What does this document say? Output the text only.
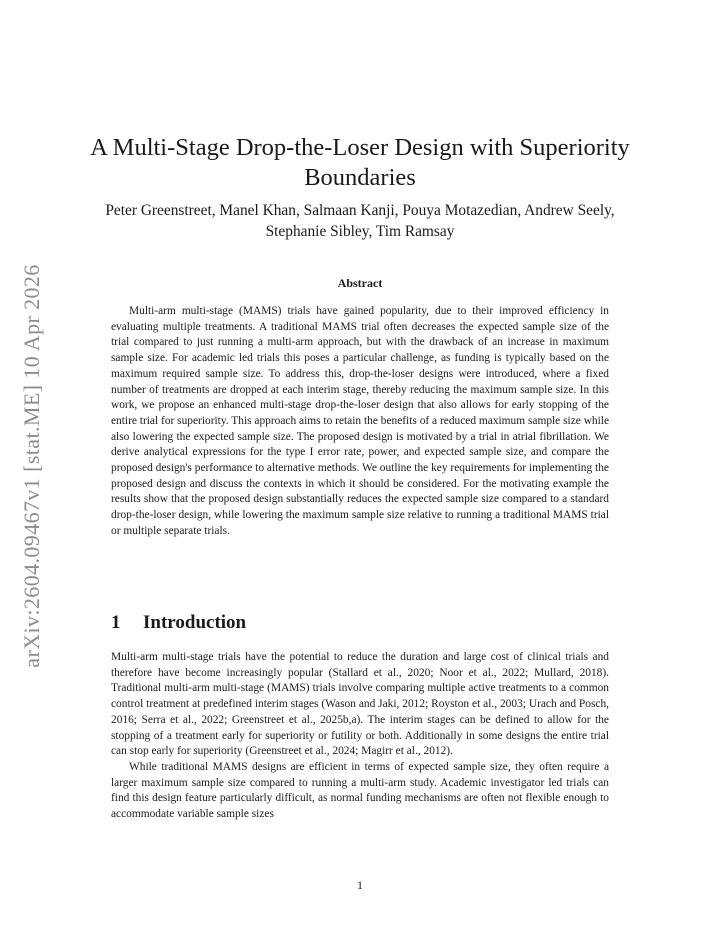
arXiv:2604.09467v1 [stat.ME] 10 Apr 2026
A Multi-Stage Drop-the-Loser Design with Superiority Boundaries
Peter Greenstreet, Manel Khan, Salmaan Kanji, Pouya Motazedian, Andrew Seely, Stephanie Sibley, Tim Ramsay
Abstract

Multi-arm multi-stage (MAMS) trials have gained popularity, due to their improved efficiency in evaluating multiple treatments. A traditional MAMS trial often decreases the expected sample size of the trial compared to just running a multi-arm approach, but with the drawback of an increase in maximum sample size. For academic led trials this poses a particular challenge, as funding is typically based on the maximum required sample size. To address this, drop-the-loser designs were introduced, where a fixed number of treatments are dropped at each interim stage, thereby reducing the maximum sample size. In this work, we propose an enhanced multi-stage drop-the-loser design that also allows for early stopping of the entire trial for superiority. This approach aims to retain the benefits of a reduced maximum sample size while also lowering the expected sample size. The proposed design is motivated by a trial in atrial fibrillation. We derive analytical expressions for the type I error rate, power, and expected sample size, and compare the proposed design's performance to alternative methods. We outline the key requirements for implementing the proposed design and discuss the contexts in which it should be considered. For the motivating example the results show that the proposed design substantially reduces the expected sample size compared to a standard drop-the-loser design, while lowering the maximum sample size relative to running a traditional MAMS trial or multiple separate trials.

1 Introduction

Multi-arm multi-stage trials have the potential to reduce the duration and large cost of clinical trials and therefore have become increasingly popular (Stallard et al., 2020; Noor et al., 2022; Mullard, 2018). Traditional multi-arm multi-stage (MAMS) trials involve comparing multiple active treatments to a common control treatment at predefined interim stages (Wason and Jaki, 2012; Royston et al., 2003; Urach and Posch, 2016; Serra et al., 2022; Greenstreet et al., 2025b,a). The interim stages can be defined to allow for the stopping of a treatment early for superiority or futility or both. Additionally in some designs the entire trial can stop early for superiority (Greenstreet et al., 2024; Magirr et al., 2012).

While traditional MAMS designs are efficient in terms of expected sample size, they often require a larger maximum sample size compared to running a multi-arm study. Academic investigator led trials can find this design feature particularly difficult, as normal funding mechanisms are often not flexible enough to accommodate variable sample sizes

1
